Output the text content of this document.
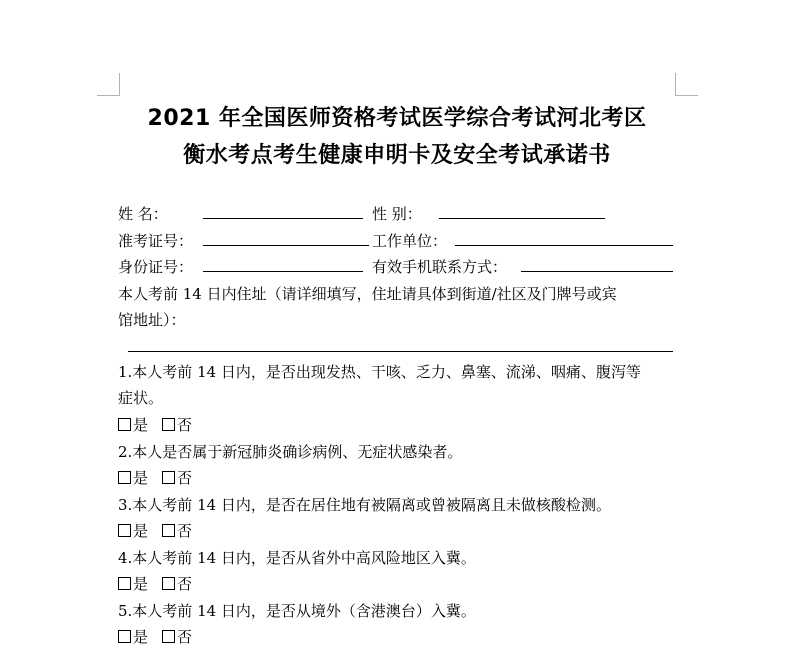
2021 年全国医师资格考试医学综合考试河北考区
衡水考点考生健康申明卡及安全考试承诺书
姓 名：	性 别：
准考证号：	工作单位：
身份证号：	有效手机联系方式：
本人考前 14 日内住址（请详细填写，住址请具体到街道/社区及门牌号或宾
馆地址）：
1.本人考前 14 日内，是否出现发热、干咳、乏力、鼻塞、流涕、咽痛、腹泻等
症状。
是 否
2.本人是否属于新冠肺炎确诊病例、无症状感染者。
是 否
3.本人考前 14 日内，是否在居住地有被隔离或曾被隔离且未做核酸检测。
是 否
4.本人考前 14 日内，是否从省外中高风险地区入冀。
是 否
5.本人考前 14 日内，是否从境外（含港澳台）入冀。
是 否
